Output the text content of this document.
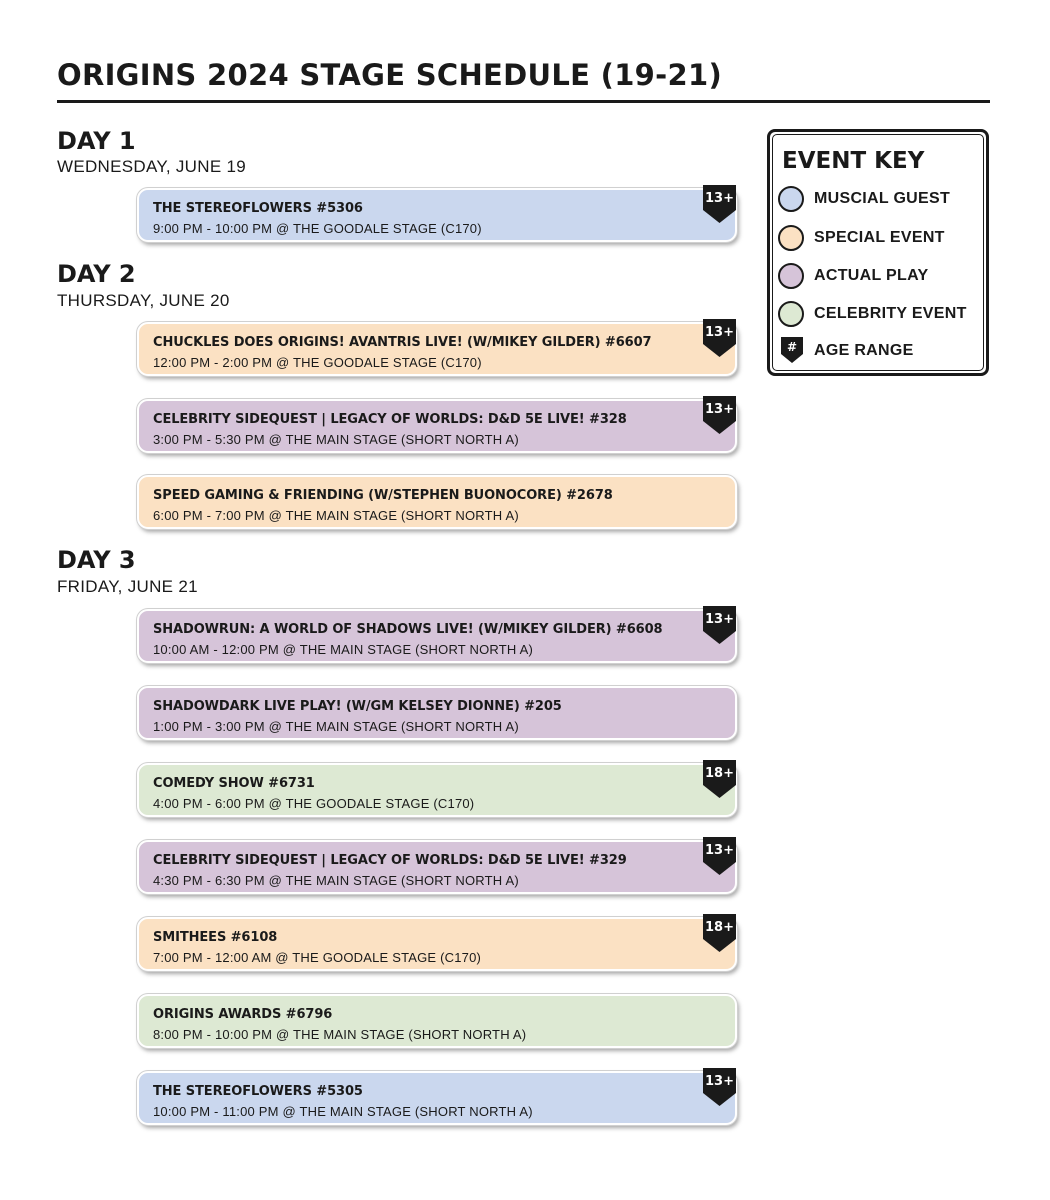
ORIGINS 2024 STAGE SCHEDULE (19-21)
DAY 1
WEDNESDAY, JUNE 19
THE STEREOFLOWERS #5306
9:00 PM - 10:00 PM @ THE GOODALE STAGE (C170)
13+
DAY 2
THURSDAY, JUNE 20
CHUCKLES DOES ORIGINS! AVANTRIS LIVE! (W/MIKEY GILDER) #6607
12:00 PM - 2:00 PM @ THE GOODALE STAGE (C170)
13+
CELEBRITY SIDEQUEST | LEGACY OF WORLDS: D&D 5E LIVE! #328
3:00 PM - 5:30 PM @ THE MAIN STAGE (SHORT NORTH A)
13+
SPEED GAMING & FRIENDING (W/STEPHEN BUONOCORE) #2678
6:00 PM - 7:00 PM @ THE MAIN STAGE (SHORT NORTH A)
DAY 3
FRIDAY, JUNE 21
SHADOWRUN: A WORLD OF SHADOWS LIVE! (W/MIKEY GILDER) #6608
10:00 AM - 12:00 PM @ THE MAIN STAGE (SHORT NORTH A)
13+
SHADOWDARK LIVE PLAY! (W/GM KELSEY DIONNE) #205
1:00 PM - 3:00 PM @ THE MAIN STAGE (SHORT NORTH A)
COMEDY SHOW #6731
4:00 PM - 6:00 PM @ THE GOODALE STAGE (C170)
18+
CELEBRITY SIDEQUEST | LEGACY OF WORLDS: D&D 5E LIVE! #329
4:30 PM - 6:30 PM @ THE MAIN STAGE (SHORT NORTH A)
13+
SMITHEES #6108
7:00 PM - 12:00 AM @ THE GOODALE STAGE (C170)
18+
ORIGINS AWARDS #6796
8:00 PM - 10:00 PM @ THE MAIN STAGE (SHORT NORTH A)
THE STEREOFLOWERS #5305
10:00 PM - 11:00 PM @ THE MAIN STAGE (SHORT NORTH A)
13+
EVENT KEY
MUSCIAL GUEST
SPECIAL EVENT
ACTUAL PLAY
CELEBRITY EVENT
# AGE RANGE
